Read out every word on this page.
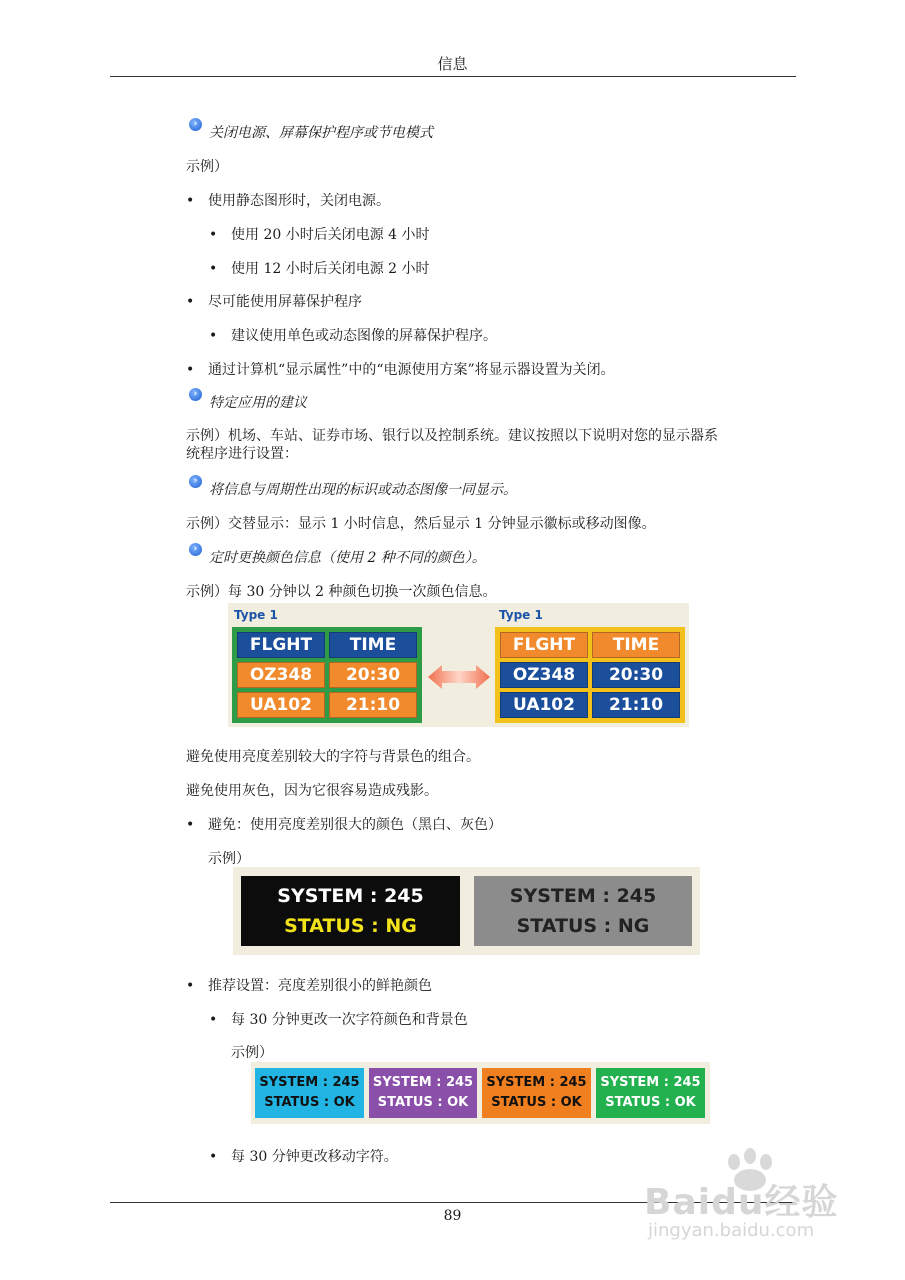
信息
›
关闭电源、屏幕保护程序或节电模式
示例）
• 使用静态图形时，关闭电源。
• 使用 20 小时后关闭电源 4 小时
• 使用 12 小时后关闭电源 2 小时
• 尽可能使用屏幕保护程序
• 建议使用单色或动态图像的屏幕保护程序。
• 通过计算机“显示属性”中的“电源使用方案”将显示器设置为关闭。
›
特定应用的建议
示例）机场、车站、证券市场、银行以及控制系统。建议按照以下说明对您的显示器系统程序进行设置：
›
将信息与周期性出现的标识或动态图像一同显示。
示例）交替显示：显示 1 小时信息，然后显示 1 分钟显示徽标或移动图像。
›
定时更换颜色信息（使用 2 种不同的颜色）。
示例）每 30 分钟以 2 种颜色切换一次颜色信息。
Type 1
FLGHT	TIME
OZ348	20:30
UA102	21:10
Type 1
FLGHT	TIME
OZ348	20:30
UA102	21:10
避免使用亮度差别较大的字符与背景色的组合。
避免使用灰色，因为它很容易造成残影。
• 避免：使用亮度差别很大的颜色（黑白、灰色）
示例）
SYSTEM : 245
STATUS : NG
SYSTEM : 245
STATUS : NG
• 推荐设置：亮度差别很小的鲜艳颜色
• 每 30 分钟更改一次字符颜色和背景色
示例）
SYSTEM : 245
STATUS : OK
SYSTEM : 245
STATUS : OK
SYSTEM : 245
STATUS : OK
SYSTEM : 245
STATUS : OK
• 每 30 分钟更改移动字符。
89	Baidu经验
jingyan.baidu.com
